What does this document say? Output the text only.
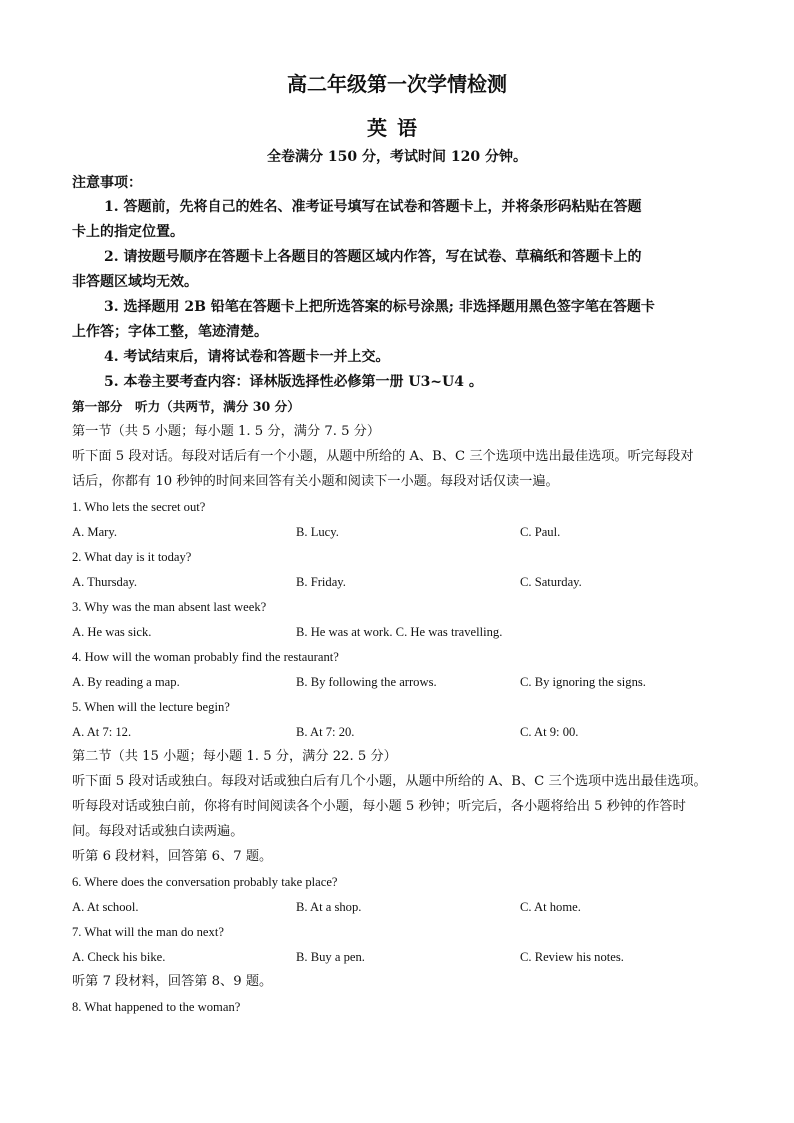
高二年级第一次学情检测
英语
全卷满分 150 分，考试时间 120 分钟。
注意事项：
1. 答题前，先将自己的姓名、准考证号填写在试卷和答题卡上，并将条形码粘贴在答题
卡上的指定位置。
2. 请按题号顺序在答题卡上各题目的答题区域内作答，写在试卷、草稿纸和答题卡上的
非答题区域均无效。
3. 选择题用 2B 铅笔在答题卡上把所选答案的标号涂黑; 非选择题用黑色签字笔在答题卡
上作答；字体工整，笔迹清楚。
4. 考试结束后，请将试卷和答题卡一并上交。
5. 本卷主要考查内容：译林版选择性必修第一册 U3~U4 。
第一部分　听力（共两节，满分 30 分）
第一节（共 5 小题；每小题 1. 5 分，满分 7. 5 分）
听下面 5 段对话。每段对话后有一个小题，从题中所给的 A、B、C 三个选项中选出最佳选项。听完每段对
话后，你都有 10 秒钟的时间来回答有关小题和阅读下一小题。每段对话仅读一遍。
1. Who lets the secret out?
A. Mary.	B. Lucy.	C. Paul.
2. What day is it today?
A. Thursday.	B. Friday.	C. Saturday.
3. Why was the man absent last week?
A. He was sick.	B. He was at work. C. He was travelling.
4. How will the woman probably find the restaurant?
A. By reading a map.	B. By following the arrows.	C. By ignoring the signs.
5. When will the lecture begin?
A. At 7: 12.	B. At 7: 20.	C. At 9: 00.
第二节（共 15 小题；每小题 1. 5 分，满分 22. 5 分）
听下面 5 段对话或独白。每段对话或独白后有几个小题，从题中所给的 A、B、C 三个选项中选出最佳选项。
听每段对话或独白前，你将有时间阅读各个小题，每小题 5 秒钟；听完后，各小题将给出 5 秒钟的作答时
间。每段对话或独白读两遍。
听第 6 段材料，回答第 6、7 题。
6. Where does the conversation probably take place?
A. At school.	B. At a shop.	C. At home.
7. What will the man do next?
A. Check his bike.	B. Buy a pen.	C. Review his notes.
听第 7 段材料，回答第 8、9 题。
8. What happened to the woman?
